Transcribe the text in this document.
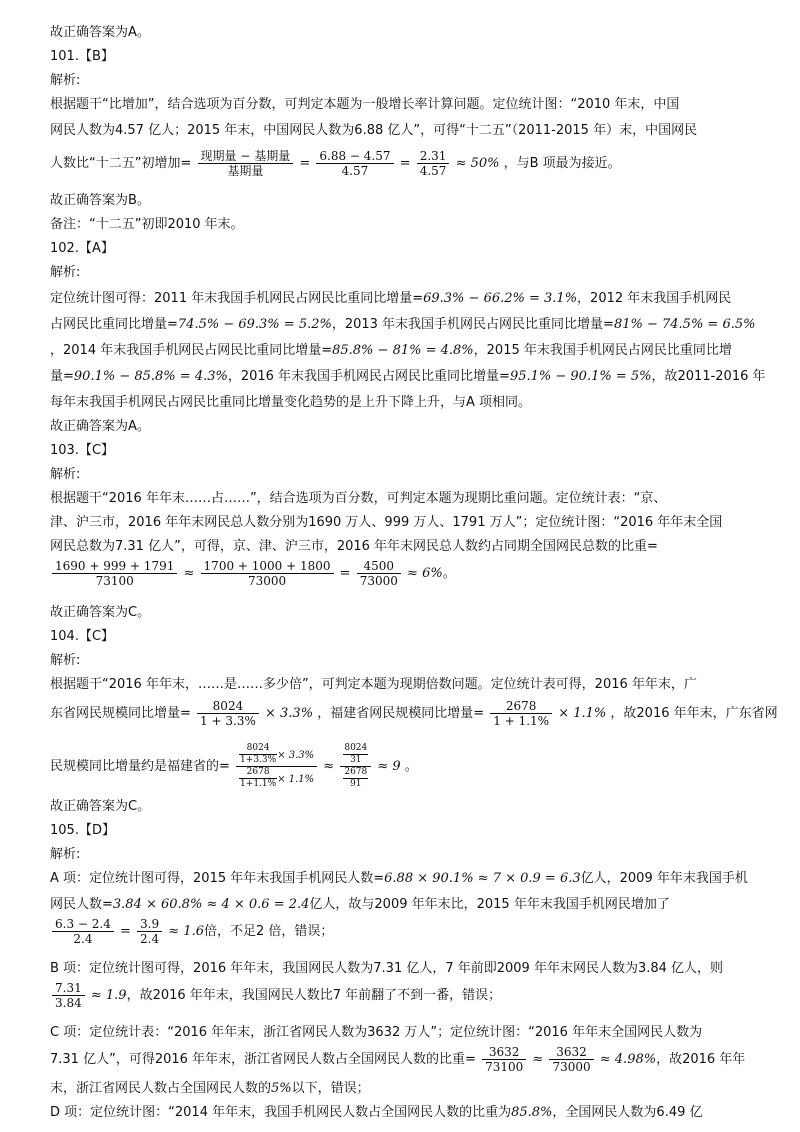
故正确答案为A。
101.【B】
解析:
根据题干“比增加”，结合选项为百分数，可判定本题为一般增长率计算问题。定位统计图：“2010 年末，中国
网民人数为4.57 亿人；2015 年末，中国网民人数为6.88 亿人”，可得“十二五”（2011-2015 年）末，中国网民
人数比“十二五”初增加= $\frac{\text{现期量 − 基期量}}{\text{基期量}} = \frac{6.88 - 4.57}{4.57} = \frac{2.31}{4.57} \approx 50\%$ ，与B 项最为接近。
故正确答案为B。
备注：“十二五”初即2010 年末。
102.【A】
解析:
定位统计图可得：2011 年末我国手机网民占网民比重同比增量=69.3% − 66.2% = 3.1%，2012 年末我国手机网民
占网民比重同比增量=74.5% − 69.3% = 5.2%，2013 年末我国手机网民占网民比重同比增量=81% − 74.5% = 6.5%
，2014 年末我国手机网民占网民比重同比增量=85.8% − 81% = 4.8%，2015 年末我国手机网民占网民比重同比增
量=90.1% − 85.8% = 4.3%，2016 年末我国手机网民占网民比重同比增量=95.1% − 90.1% = 5%，故2011-2016 年
每年末我国手机网民占网民比重同比增量变化趋势的是上升下降上升，与A 项相同。
故正确答案为A。
103.【C】
解析:
根据题干“2016 年年末……占……”，结合选项为百分数，可判定本题为现期比重问题。定位统计表：“京、
津、沪三市，2016 年年末网民总人数分别为1690 万人、999 万人、1791 万人”；定位统计图：“2016 年年末全国
网民总数为7.31 亿人”，可得，京、津、沪三市，2016 年年末网民总人数约占同期全国网民总数的比重=
$\frac{1690 + 999 + 1791}{73100} \approx \frac{1700 + 1000 + 1800}{73000} = \frac{4500}{73000} \approx 6\%$。
故正确答案为C。
104.【C】
解析:
根据题干“2016 年年末，……是……多少倍”，可判定本题为现期倍数问题。定位统计表可得，2016 年年末，广
东省网民规模同比增量= $\frac{8024}{1 + 3.3\%} \times 3.3\%$ ，福建省网民规模同比增量= $\frac{2678}{1 + 1.1\%} \times 1.1\%$ ，故2016 年年末，广东省网
民规模同比增量约是福建省的= $\frac{\frac{8024}{1+3.3\%} \times 3.3\%}{\frac{2678}{1+1.1\%} \times 1.1\%} \approx \frac{\frac{8024}{31}}{\frac{2678}{91}} \approx 9$ 。
故正确答案为C。
105.【D】
解析:
A 项：定位统计图可得，2015 年年末我国手机网民人数=6.88 × 90.1% ≈ 7 × 0.9 = 6.3亿人，2009 年年末我国手机
网民人数=3.84 × 60.8% ≈ 4 × 0.6 = 2.4亿人，故与2009 年年末比，2015 年年末我国手机网民增加了
$\frac{6.3 - 2.4}{2.4} = \frac{3.9}{2.4} \approx 1.6$倍，不足2 倍，错误；
B 项：定位统计图可得，2016 年年末，我国网民人数为7.31 亿人，7 年前即2009 年年末网民人数为3.84 亿人，则
$\frac{7.31}{3.84} \approx 1.9$，故2016 年年末，我国网民人数比7 年前翻了不到一番，错误；
C 项：定位统计表：“2016 年年末，浙江省网民人数为3632 万人”；定位统计图：“2016 年年末全国网民人数为
7.31 亿人”，可得2016 年年末，浙江省网民人数占全国网民人数的比重= $\frac{3632}{73100} \approx \frac{3632}{73000} \approx 4.98\%$，故2016 年年
末，浙江省网民人数占全国网民人数的5%以下，错误；
D 项：定位统计图：“2014 年年末，我国手机网民人数占全国网民人数的比重为85.8%，全国网民人数为6.49 亿
